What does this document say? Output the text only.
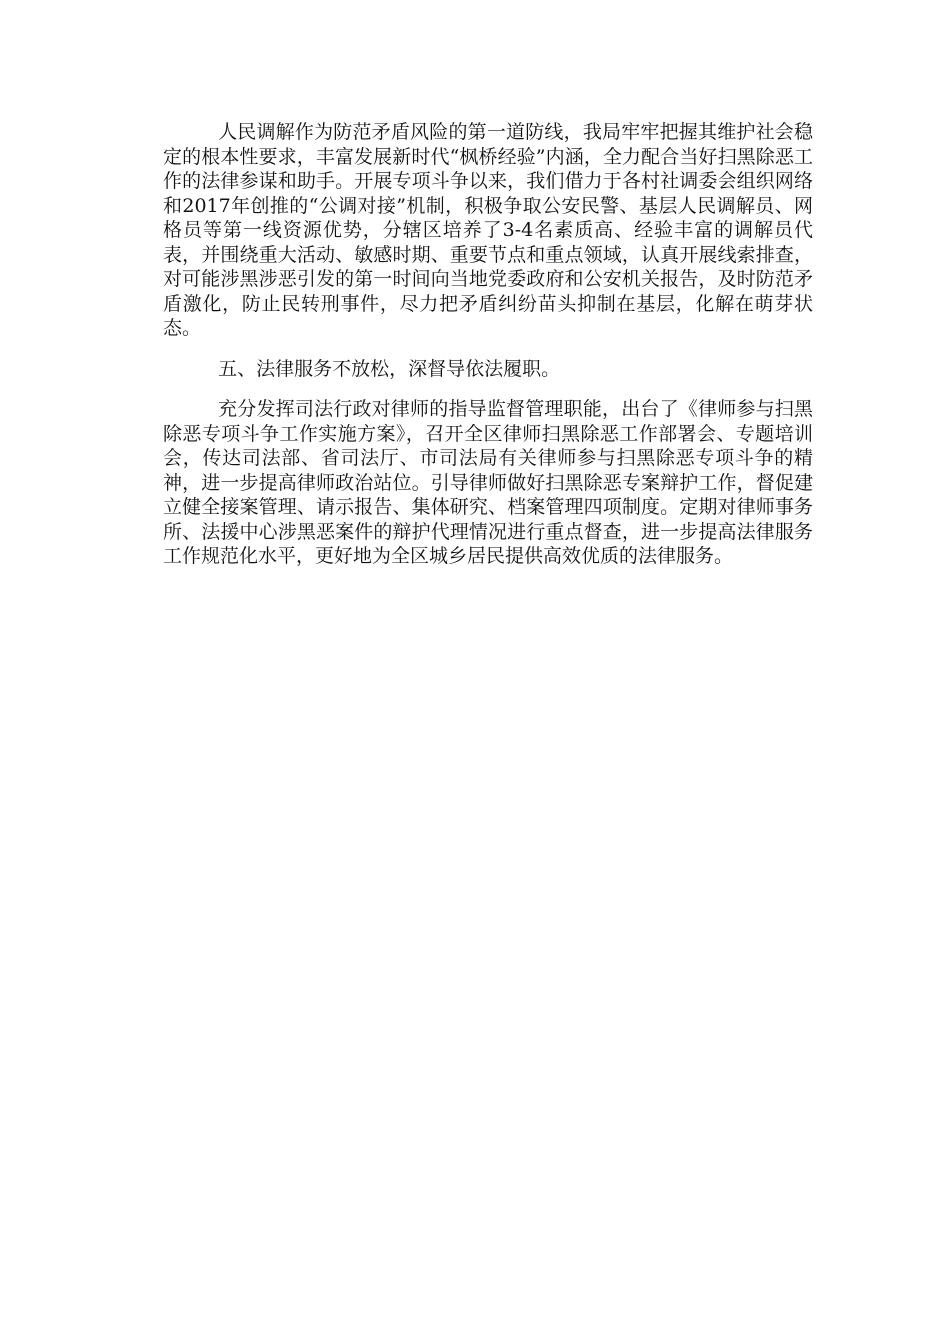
人民调解作为防范矛盾风险的第一道防线，我局牢牢把握其维护社会稳定的根本性要求，丰富发展新时代“枫桥经验”内涵，全力配合当好扫黑除恶工作的法律参谋和助手。开展专项斗争以来，我们借力于各村社调委会组织网络和2017年创推的“公调对接”机制，积极争取公安民警、基层人民调解员、网格员等第一线资源优势，分辖区培养了3-4名素质高、经验丰富的调解员代表，并围绕重大活动、敏感时期、重要节点和重点领域，认真开展线索排查，对可能涉黑涉恶引发的第一时间向当地党委政府和公安机关报告，及时防范矛盾激化，防止民转刑事件，尽力把矛盾纠纷苗头抑制在基层，化解在萌芽状态。

五、法律服务不放松，深督导依法履职。

充分发挥司法行政对律师的指导监督管理职能，出台了《律师参与扫黑除恶专项斗争工作实施方案》，召开全区律师扫黑除恶工作部署会、专题培训会，传达司法部、省司法厅、市司法局有关律师参与扫黑除恶专项斗争的精神，进一步提高律师政治站位。引导律师做好扫黑除恶专案辩护工作，督促建立健全接案管理、请示报告、集体研究、档案管理四项制度。定期对律师事务所、法援中心涉黑恶案件的辩护代理情况进行重点督查，进一步提高法律服务工作规范化水平，更好地为全区城乡居民提供高效优质的法律服务。
